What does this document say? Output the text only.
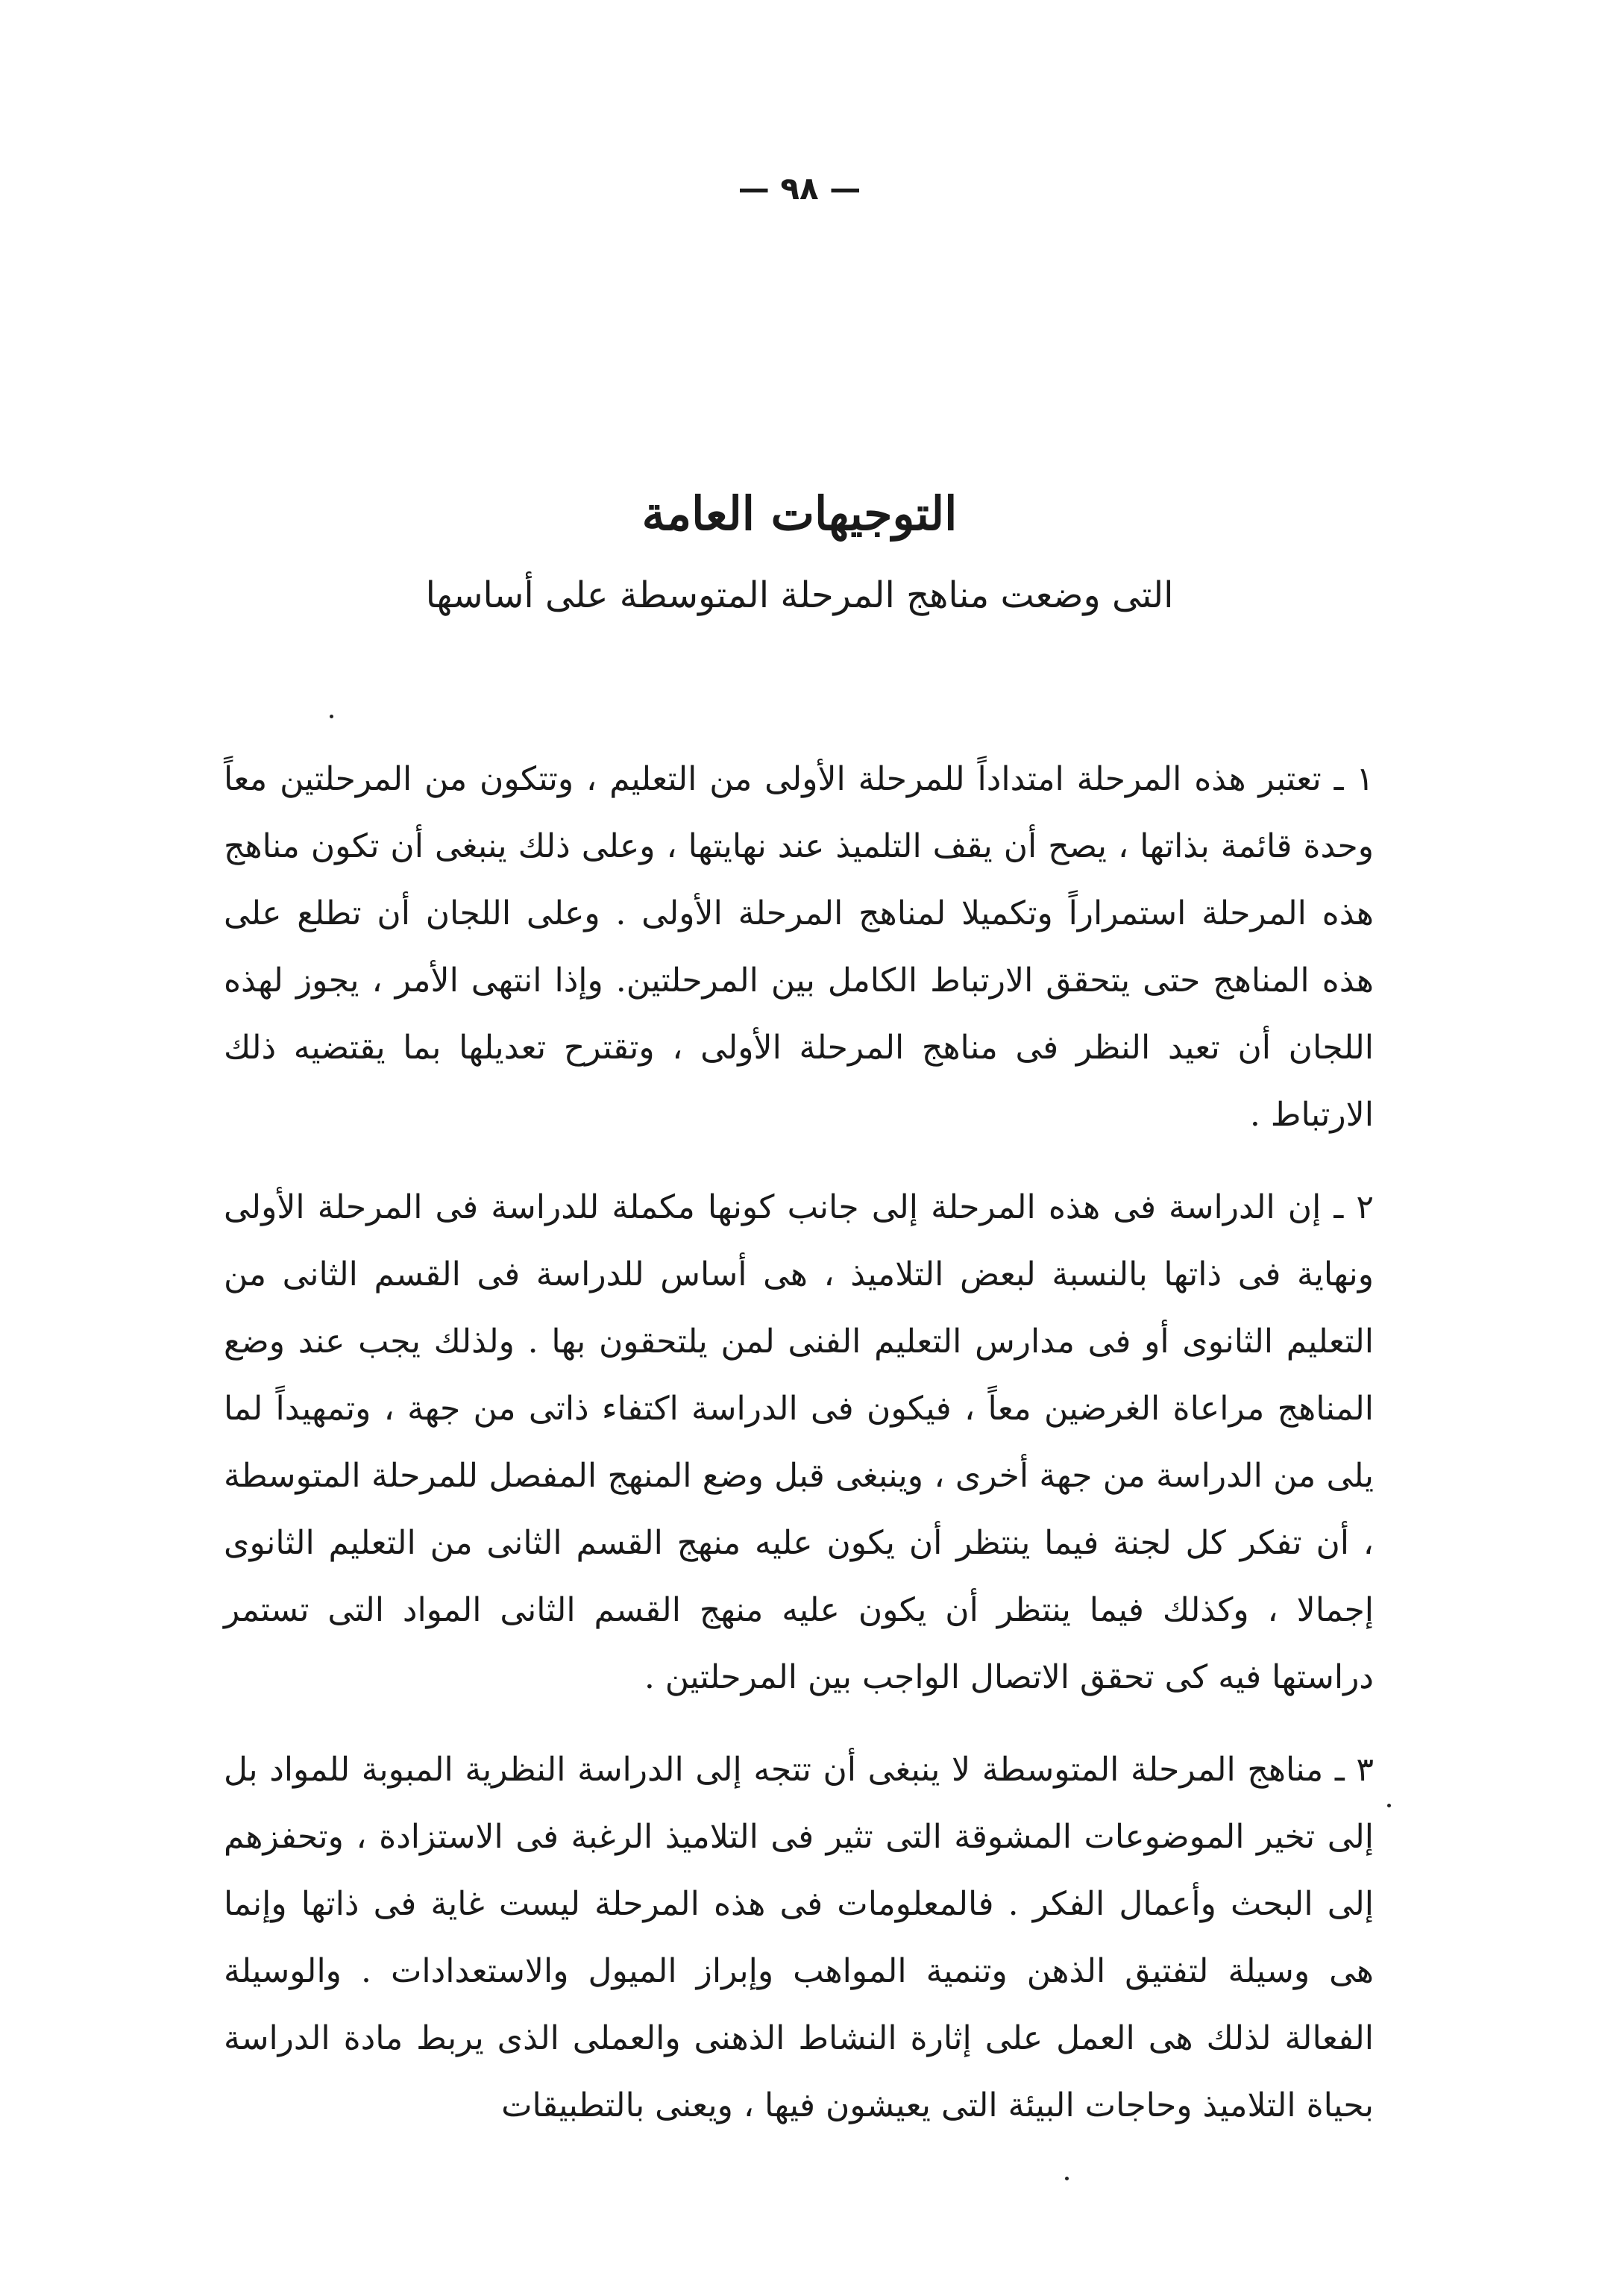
— ٩٨ —
التوجيهات العامة
التى وضعت مناهج المرحلة المتوسطة على أساسها

١ ـ تعتبر هذه المرحلة امتداداً للمرحلة الأولى من التعليم ، وتتكون من المرحلتين معاً وحدة قائمة بذاتها ، يصح أن يقف التلميذ عند نهايتها ، وعلى ذلك ينبغى أن تكون مناهج هذه المرحلة استمراراً وتكميلا لمناهج المرحلة الأولى . وعلى اللجان أن تطلع على هذه المناهج حتى يتحقق الارتباط الكامل بين المرحلتين. وإذا انتهى الأمر ، يجوز لهذه اللجان أن تعيد النظر فى مناهج المرحلة الأولى ، وتقترح تعديلها بما يقتضيه ذلك الارتباط .

٢ ـ إن الدراسة فى هذه المرحلة إلى جانب كونها مكملة للدراسة فى المرحلة الأولى ونهاية فى ذاتها بالنسبة لبعض التلاميذ ، هى أساس للدراسة فى القسم الثانى من التعليم الثانوى أو فى مدارس التعليم الفنى لمن يلتحقون بها . ولذلك يجب عند وضع المناهج مراعاة الغرضين معاً ، فيكون فى الدراسة اكتفاء ذاتى من جهة ، وتمهيداً لما يلى من الدراسة من جهة أخرى ، وينبغى قبل وضع المنهج المفصل للمرحلة المتوسطة ، أن تفكر كل لجنة فيما ينتظر أن يكون عليه منهج القسم الثانى من التعليم الثانوى إجمالا ، وكذلك فيما ينتظر أن يكون عليه منهج القسم الثانى المواد التى تستمر دراستها فيه كى تحقق الاتصال الواجب بين المرحلتين .

٣ ـ مناهج المرحلة المتوسطة لا ينبغى أن تتجه إلى الدراسة النظرية المبوبة للمواد بل إلى تخير الموضوعات المشوقة التى تثير فى التلاميذ الرغبة فى الاستزادة ، وتحفزهم إلى البحث وأعمال الفكر . فالمعلومات فى هذه المرحلة ليست غاية فى ذاتها وإنما هى وسيلة لتفتيق الذهن وتنمية المواهب وإبراز الميول والاستعدادات . والوسيلة الفعالة لذلك هى العمل على إثارة النشاط الذهنى والعملى الذى يربط مادة الدراسة بحياة التلاميذ وحاجات البيئة التى يعيشون فيها ، ويعنى بالتطبيقات
